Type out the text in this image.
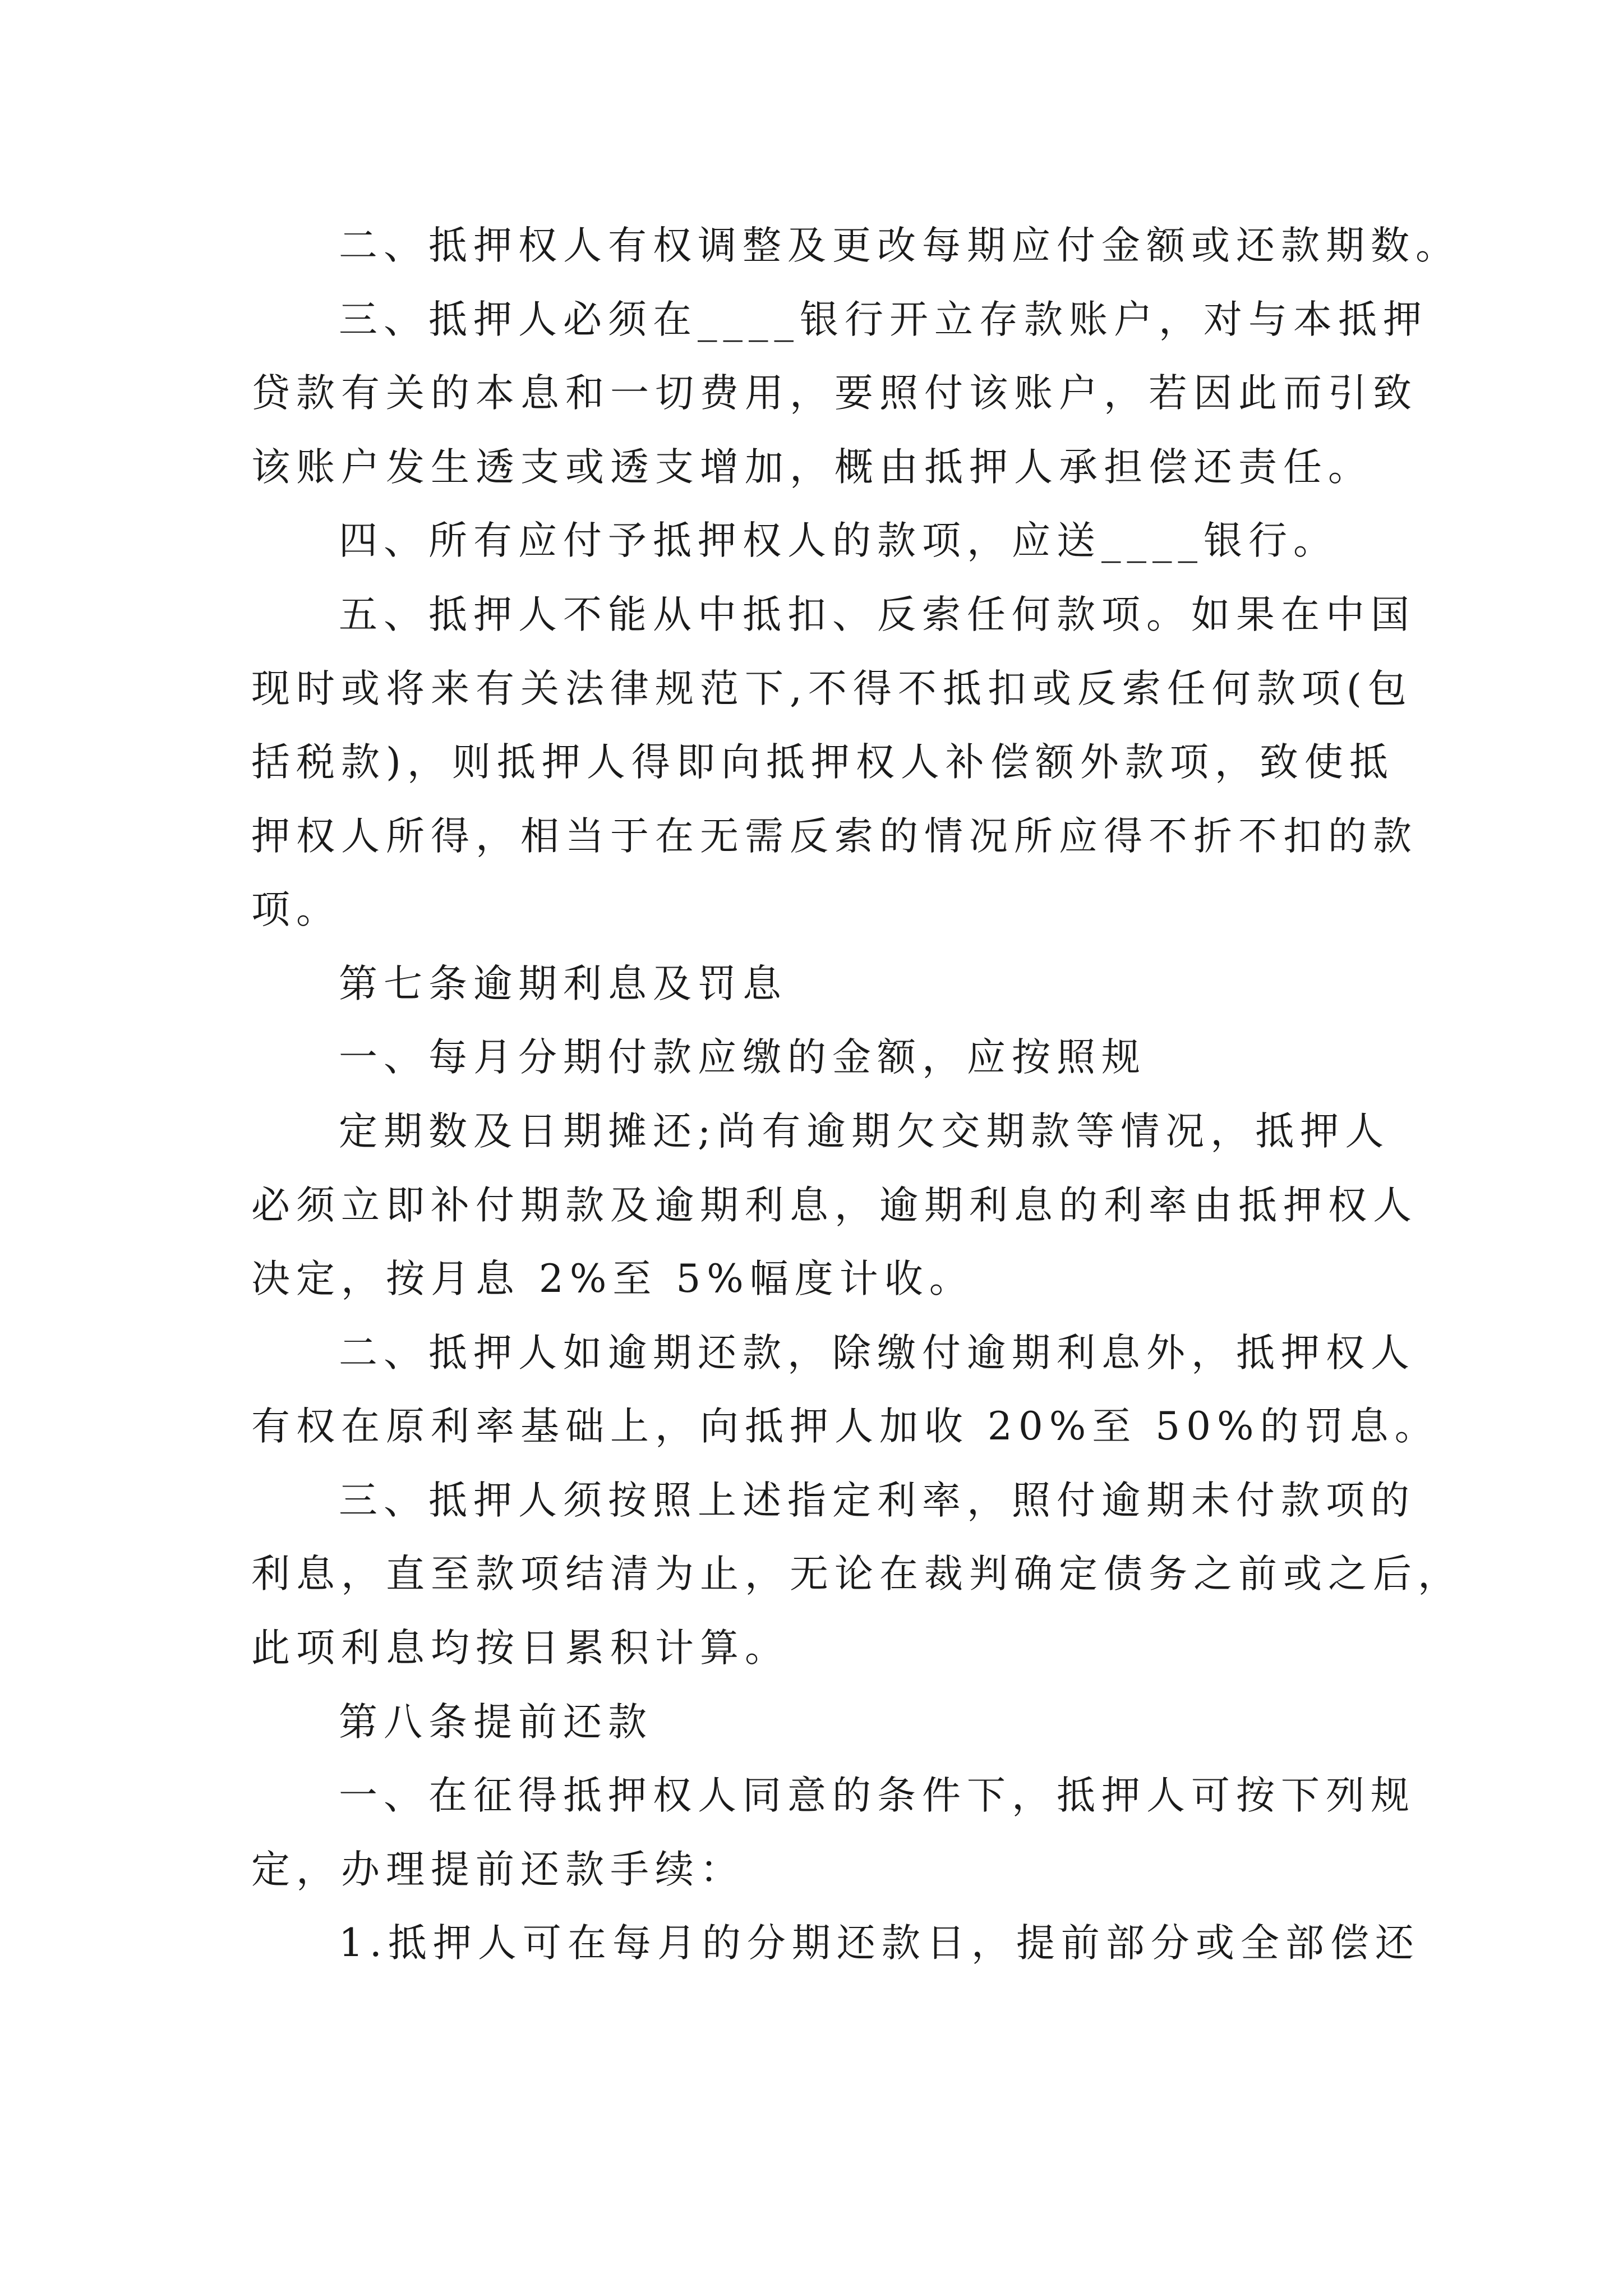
二、抵押权人有权调整及更改每期应付金额或还款期数。
三、抵押人必须在____银行开立存款账户，对与本抵押
贷款有关的本息和一切费用，要照付该账户，若因此而引致
该账户发生透支或透支增加，概由抵押人承担偿还责任。
四、所有应付予抵押权人的款项，应送____银行。
五、抵押人不能从中抵扣、反索任何款项。如果在中国
现时或将来有关法律规范下,不得不抵扣或反索任何款项(包
括税款)，则抵押人得即向抵押权人补偿额外款项，致使抵
押权人所得，相当于在无需反索的情况所应得不折不扣的款
项。
第七条逾期利息及罚息
一、每月分期付款应缴的金额，应按照规
定期数及日期摊还;尚有逾期欠交期款等情况，抵押人
必须立即补付期款及逾期利息，逾期利息的利率由抵押权人
决定，按月息 2%至 5%幅度计收。
二、抵押人如逾期还款，除缴付逾期利息外，抵押权人
有权在原利率基础上，向抵押人加收 20%至 50%的罚息。
三、抵押人须按照上述指定利率，照付逾期未付款项的
利息，直至款项结清为止，无论在裁判确定债务之前或之后，
此项利息均按日累积计算。
第八条提前还款
一、在征得抵押权人同意的条件下，抵押人可按下列规
定，办理提前还款手续：
1.抵押人可在每月的分期还款日，提前部分或全部偿还
